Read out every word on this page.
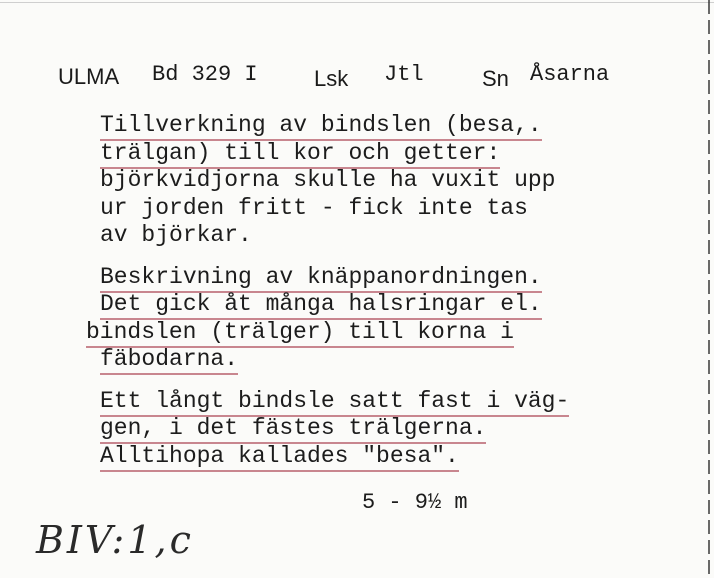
ULMA Bd 329 I	Lsk Jtl	Sn Åsarna
Tillverkning av bindslen (besa,.
trälgan) till kor och getter:
björkvidjorna skulle ha vuxit upp
ur jorden fritt - fick inte tas
av björkar.
Beskrivning av knäppanordningen.
Det gick åt många halsringar el.
bindslen (trälger) till korna i
fäbodarna.
Ett långt bindsle satt fast i väg-
gen, i det fästes trälgerna.
Alltihopa kallades "besa".
5 - 9½ m
BIV:1,c
